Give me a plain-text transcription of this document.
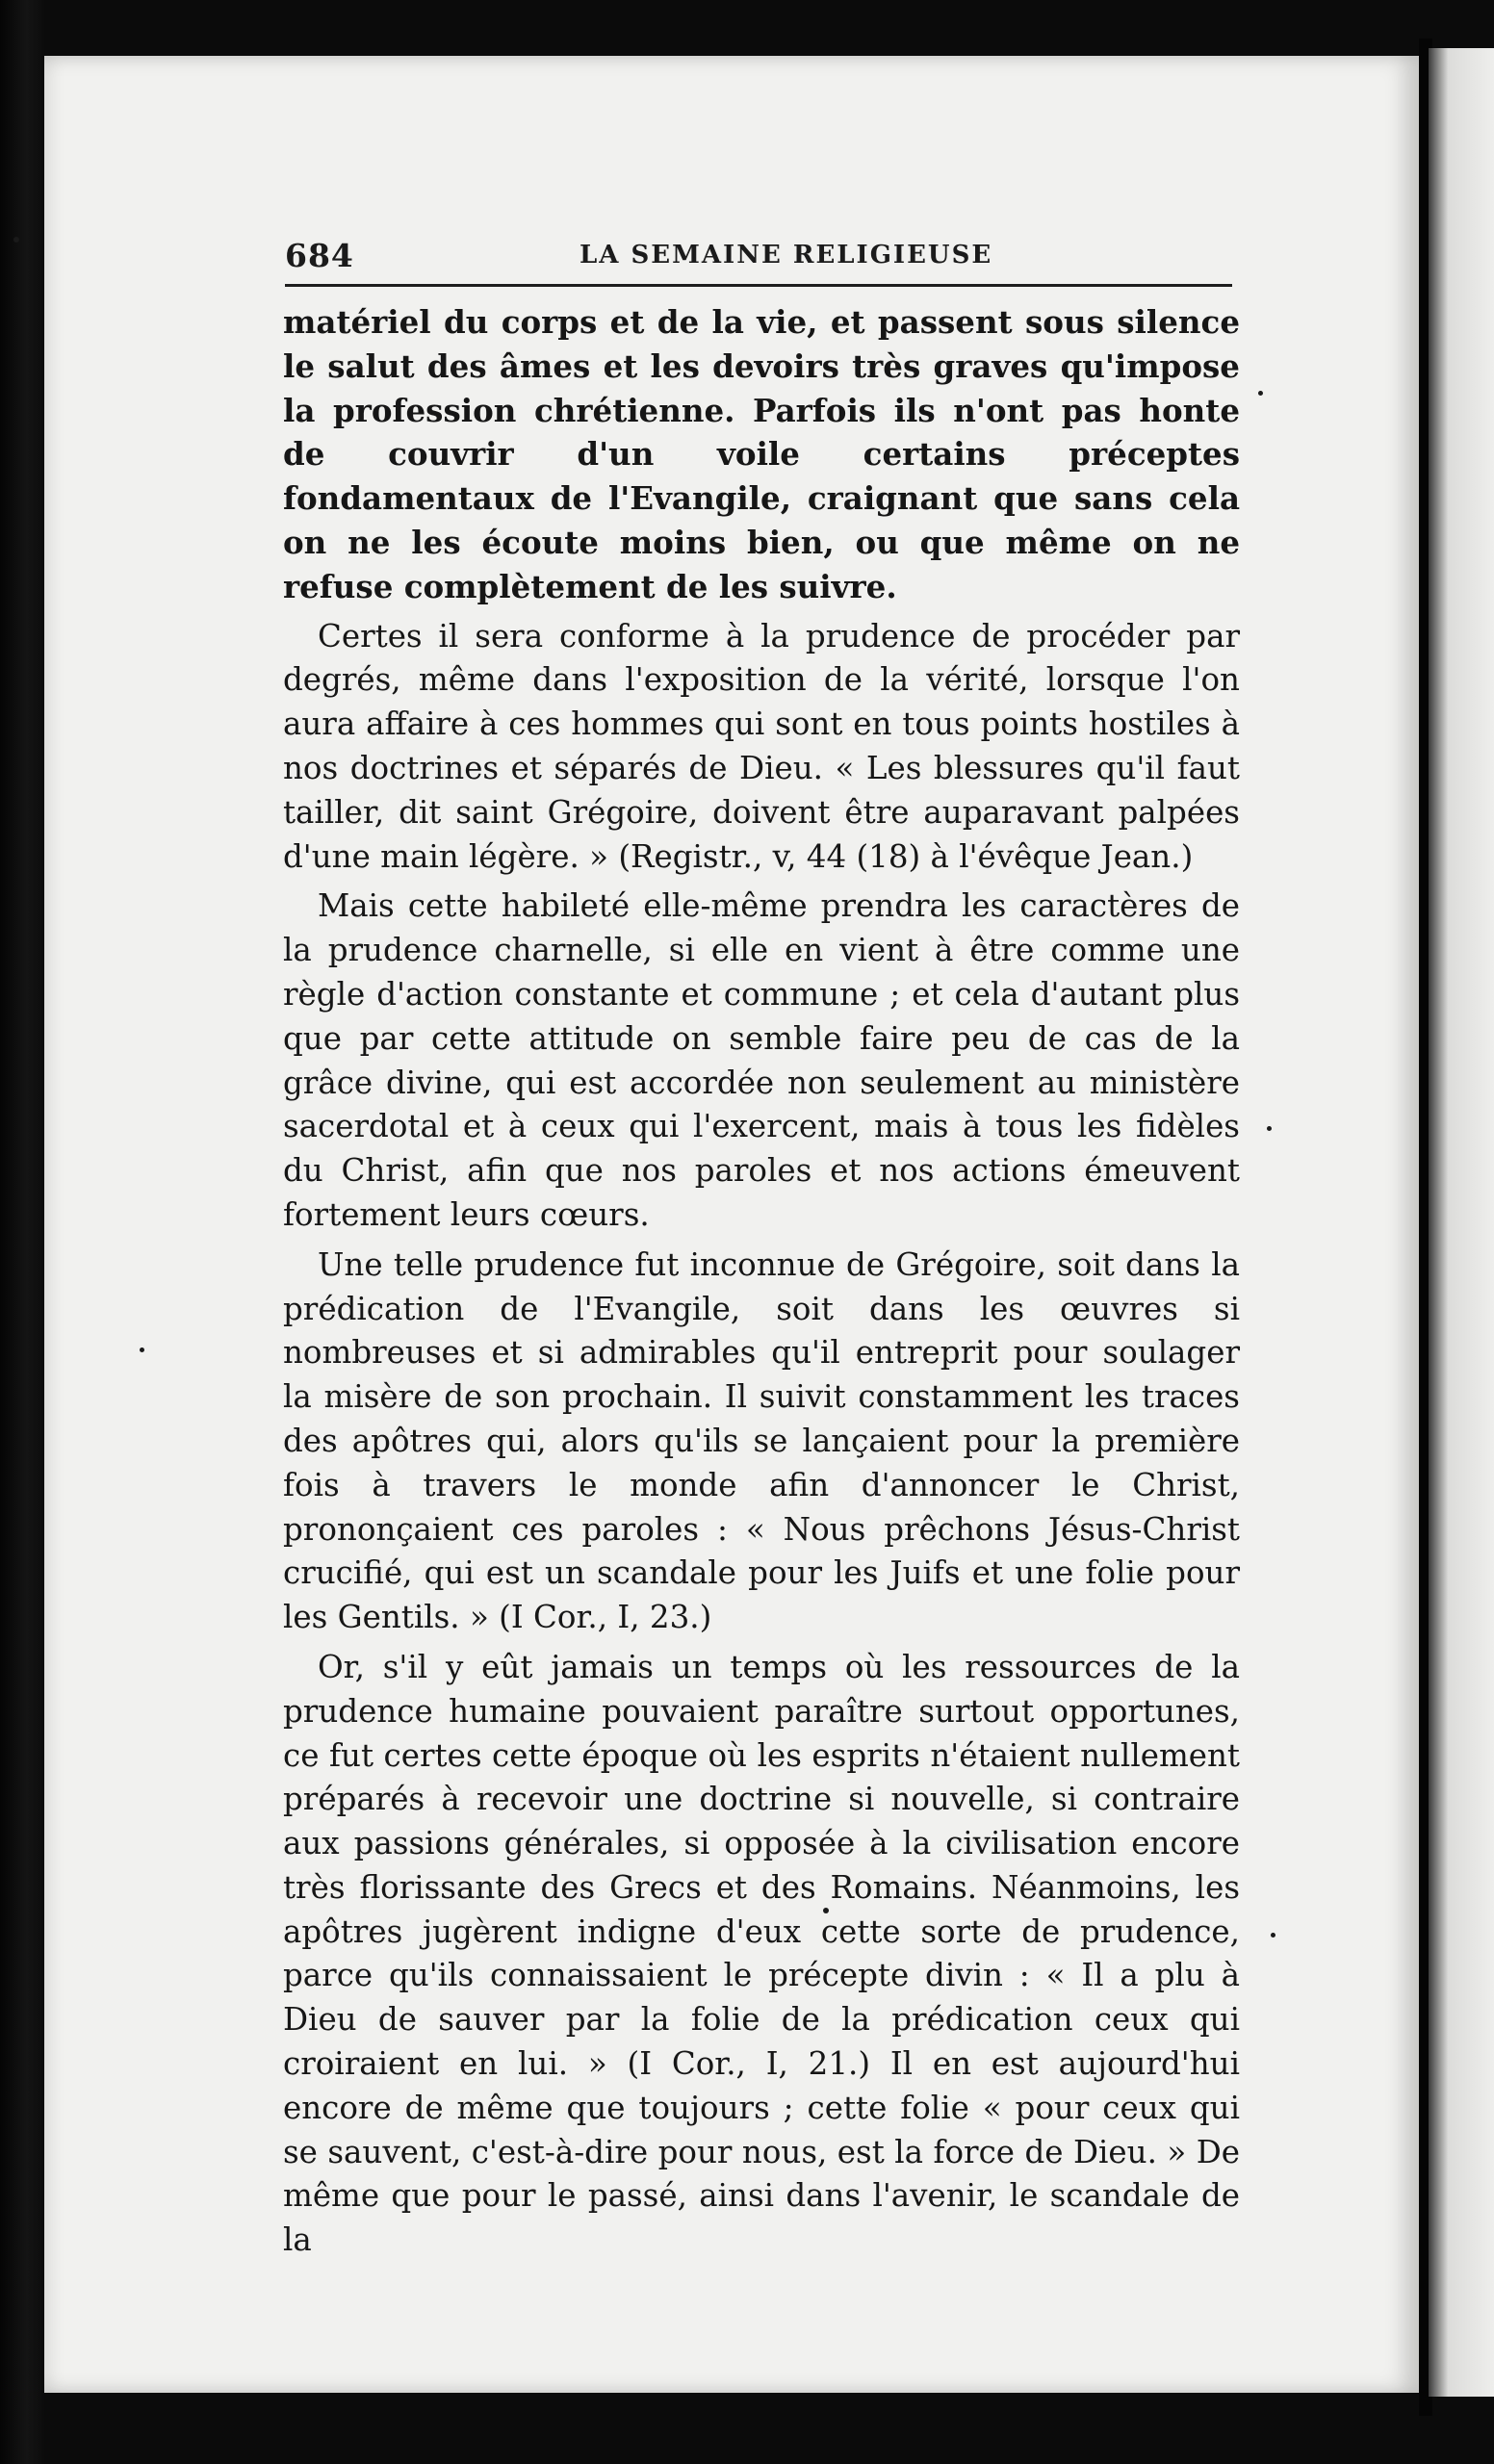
684	LA SEMAINE RELIGIEUSE

matériel du corps et de la vie, et passent sous silence le salut des âmes et les devoirs très graves qu'impose la profession chrétienne. Parfois ils n'ont pas honte de couvrir d'un voile certains préceptes fondamentaux de l'Evangile, craignant que sans cela on ne les écoute moins bien, ou que même on ne refuse complètement de les suivre.

Certes il sera conforme à la prudence de procéder par degrés, même dans l'exposition de la vérité, lorsque l'on aura affaire à ces hommes qui sont en tous points hostiles à nos doctrines et séparés de Dieu. « Les blessures qu'il faut tailler, dit saint Grégoire, doivent être auparavant palpées d'une main légère. » (Registr., v, 44 (18) à l'évêque Jean.)

Mais cette habileté elle-même prendra les caractères de la prudence charnelle, si elle en vient à être comme une règle d'action constante et commune ; et cela d'autant plus que par cette attitude on semble faire peu de cas de la grâce divine, qui est accordée non seulement au ministère sacerdotal et à ceux qui l'exercent, mais à tous les fidèles du Christ, afin que nos paroles et nos actions émeuvent fortement leurs cœurs.

Une telle prudence fut inconnue de Grégoire, soit dans la prédication de l'Evangile, soit dans les œuvres si nombreuses et si admirables qu'il entreprit pour soulager la misère de son prochain. Il suivit constamment les traces des apôtres qui, alors qu'ils se lançaient pour la première fois à travers le monde afin d'annoncer le Christ, prononçaient ces paroles : « Nous prêchons Jésus-Christ crucifié, qui est un scandale pour les Juifs et une folie pour les Gentils. » (I Cor., I, 23.)

Or, s'il y eût jamais un temps où les ressources de la prudence humaine pouvaient paraître surtout opportunes, ce fut certes cette époque où les esprits n'étaient nullement préparés à recevoir une doctrine si nouvelle, si contraire aux passions générales, si opposée à la civilisation encore très florissante des Grecs et des Romains. Néanmoins, les apôtres jugèrent indigne d'eux cette sorte de prudence, parce qu'ils connaissaient le précepte divin : « Il a plu à Dieu de sauver par la folie de la prédication ceux qui croiraient en lui. » (I Cor., I, 21.) Il en est aujourd'hui encore de même que toujours ; cette folie « pour ceux qui se sauvent, c'est-à-dire pour nous, est la force de Dieu. » De même que pour le passé, ainsi dans l'avenir, le scandale de la
